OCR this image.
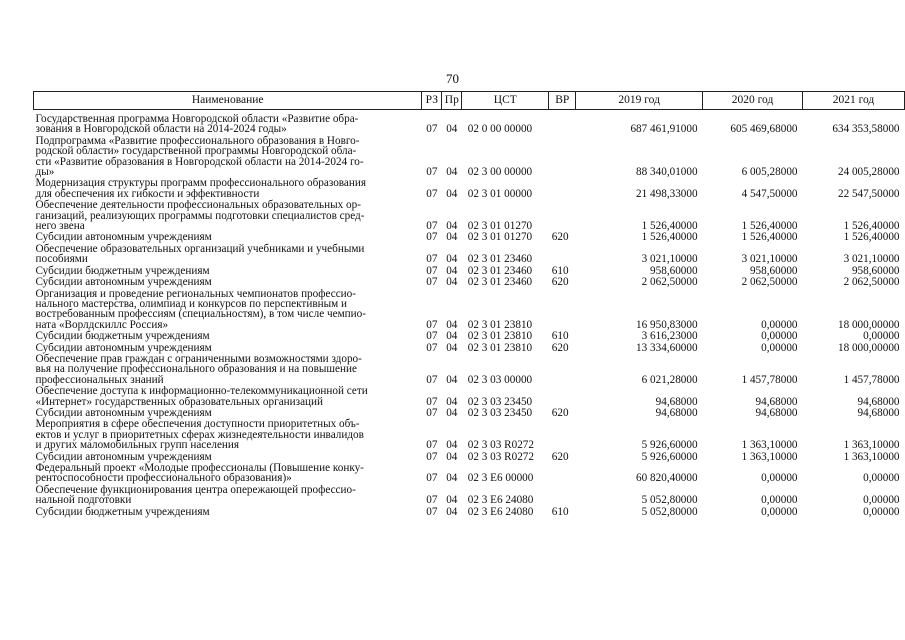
70
Наименование	РЗ	Пр	ЦСТ	ВР	2019 год	2020 год	2021 год
Государственная программа Новгородской области «Развитие обра-
зования в Новгородской области на 2014-2024 годы»	07	04	02 0 00 00000		687 461,91000	605 469,68000	634 353,58000
Подпрограмма «Развитие профессионального образования в Новго-
родской области» государственной программы Новгородской обла-
сти «Развитие образования в Новгородской области на 2014-2024 го-
ды»	07	04	02 3 00 00000		88 340,01000	6 005,28000	24 005,28000
Модернизация структуры программ профессионального образования
для обеспечения их гибкости и эффективности	07	04	02 3 01 00000		21 498,33000	4 547,50000	22 547,50000
Обеспечение деятельности профессиональных образовательных ор-
ганизаций, реализующих программы подготовки специалистов сред-
него звена	07	04	02 3 01 01270		1 526,40000	1 526,40000	1 526,40000
Субсидии автономным учреждениям	07	04	02 3 01 01270	620	1 526,40000	1 526,40000	1 526,40000
Обеспечение образовательных организаций учебниками и учебными
пособиями	07	04	02 3 01 23460		3 021,10000	3 021,10000	3 021,10000
Субсидии бюджетным учреждениям	07	04	02 3 01 23460	610	958,60000	958,60000	958,60000
Субсидии автономным учреждениям	07	04	02 3 01 23460	620	2 062,50000	2 062,50000	2 062,50000
Организация и проведение региональных чемпионатов профессио-
нального мастерства, олимпиад и конкурсов по перспективным и
востребованным профессиям (специальностям), в том числе чемпио-
ната «Ворлдскиллс Россия»	07	04	02 3 01 23810		16 950,83000	0,00000	18 000,00000
Субсидии бюджетным учреждениям	07	04	02 3 01 23810	610	3 616,23000	0,00000	0,00000
Субсидии автономным учреждениям	07	04	02 3 01 23810	620	13 334,60000	0,00000	18 000,00000
Обеспечение прав граждан с ограниченными возможностями здоро-
вья на получение профессионального образования и на повышение
профессиональных знаний	07	04	02 3 03 00000		6 021,28000	1 457,78000	1 457,78000
Обеспечение доступа к информационно-телекоммуникационной сети
«Интернет» государственных образовательных организаций	07	04	02 3 03 23450		94,68000	94,68000	94,68000
Субсидии автономным учреждениям	07	04	02 3 03 23450	620	94,68000	94,68000	94,68000
Мероприятия в сфере обеспечения доступности приоритетных объ-
ектов и услуг в приоритетных сферах жизнедеятельности инвалидов
и других маломобильных групп населения	07	04	02 3 03 R0272		5 926,60000	1 363,10000	1 363,10000
Субсидии автономным учреждениям	07	04	02 3 03 R0272	620	5 926,60000	1 363,10000	1 363,10000
Федеральный проект «Молодые профессионалы (Повышение конку-
рентоспособности профессионального образования)»	07	04	02 3 E6 00000		60 820,40000	0,00000	0,00000
Обеспечение функционирования центра опережающей профессио-
нальной подготовки	07	04	02 3 E6 24080		5 052,80000	0,00000	0,00000
Субсидии бюджетным учреждениям	07	04	02 3 E6 24080	610	5 052,80000	0,00000	0,00000
